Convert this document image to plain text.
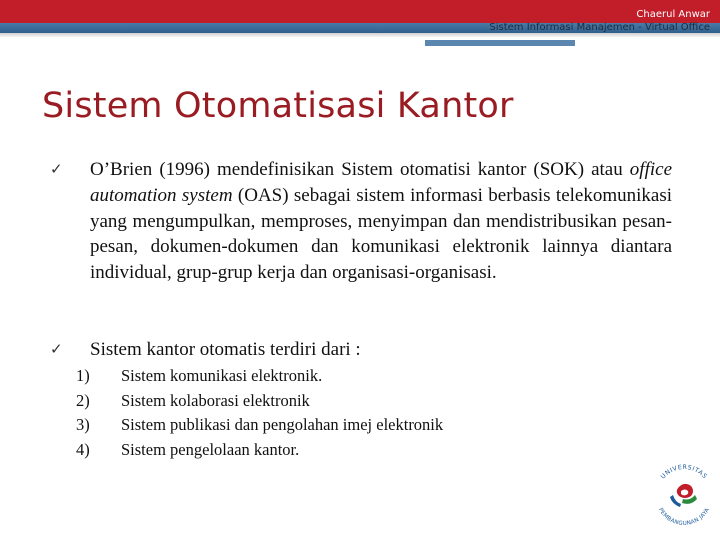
Chaerul Anwar
Sistem Informasi Manajemen - Virtual Office
Sistem Otomatisasi Kantor
✓ O’Brien (1996) mendefinisikan Sistem otomatisi kantor (SOK) atau office automation system (OAS) sebagai sistem informasi berbasis telekomunikasi yang mengumpulkan, memproses, menyimpan dan mendistribusikan pesan-pesan, dokumen-dokumen dan komunikasi elektronik lainnya diantara individual, grup-grup kerja dan organisasi-organisasi.
✓ Sistem kantor otomatis terdiri dari :
1)	Sistem komunikasi elektronik.
2)	Sistem kolaborasi elektronik
3)	Sistem publikasi dan pengolahan imej elektronik
4)	Sistem pengelolaan kantor.
UNIVERSITAS
PEMBANGUNAN JAYA
